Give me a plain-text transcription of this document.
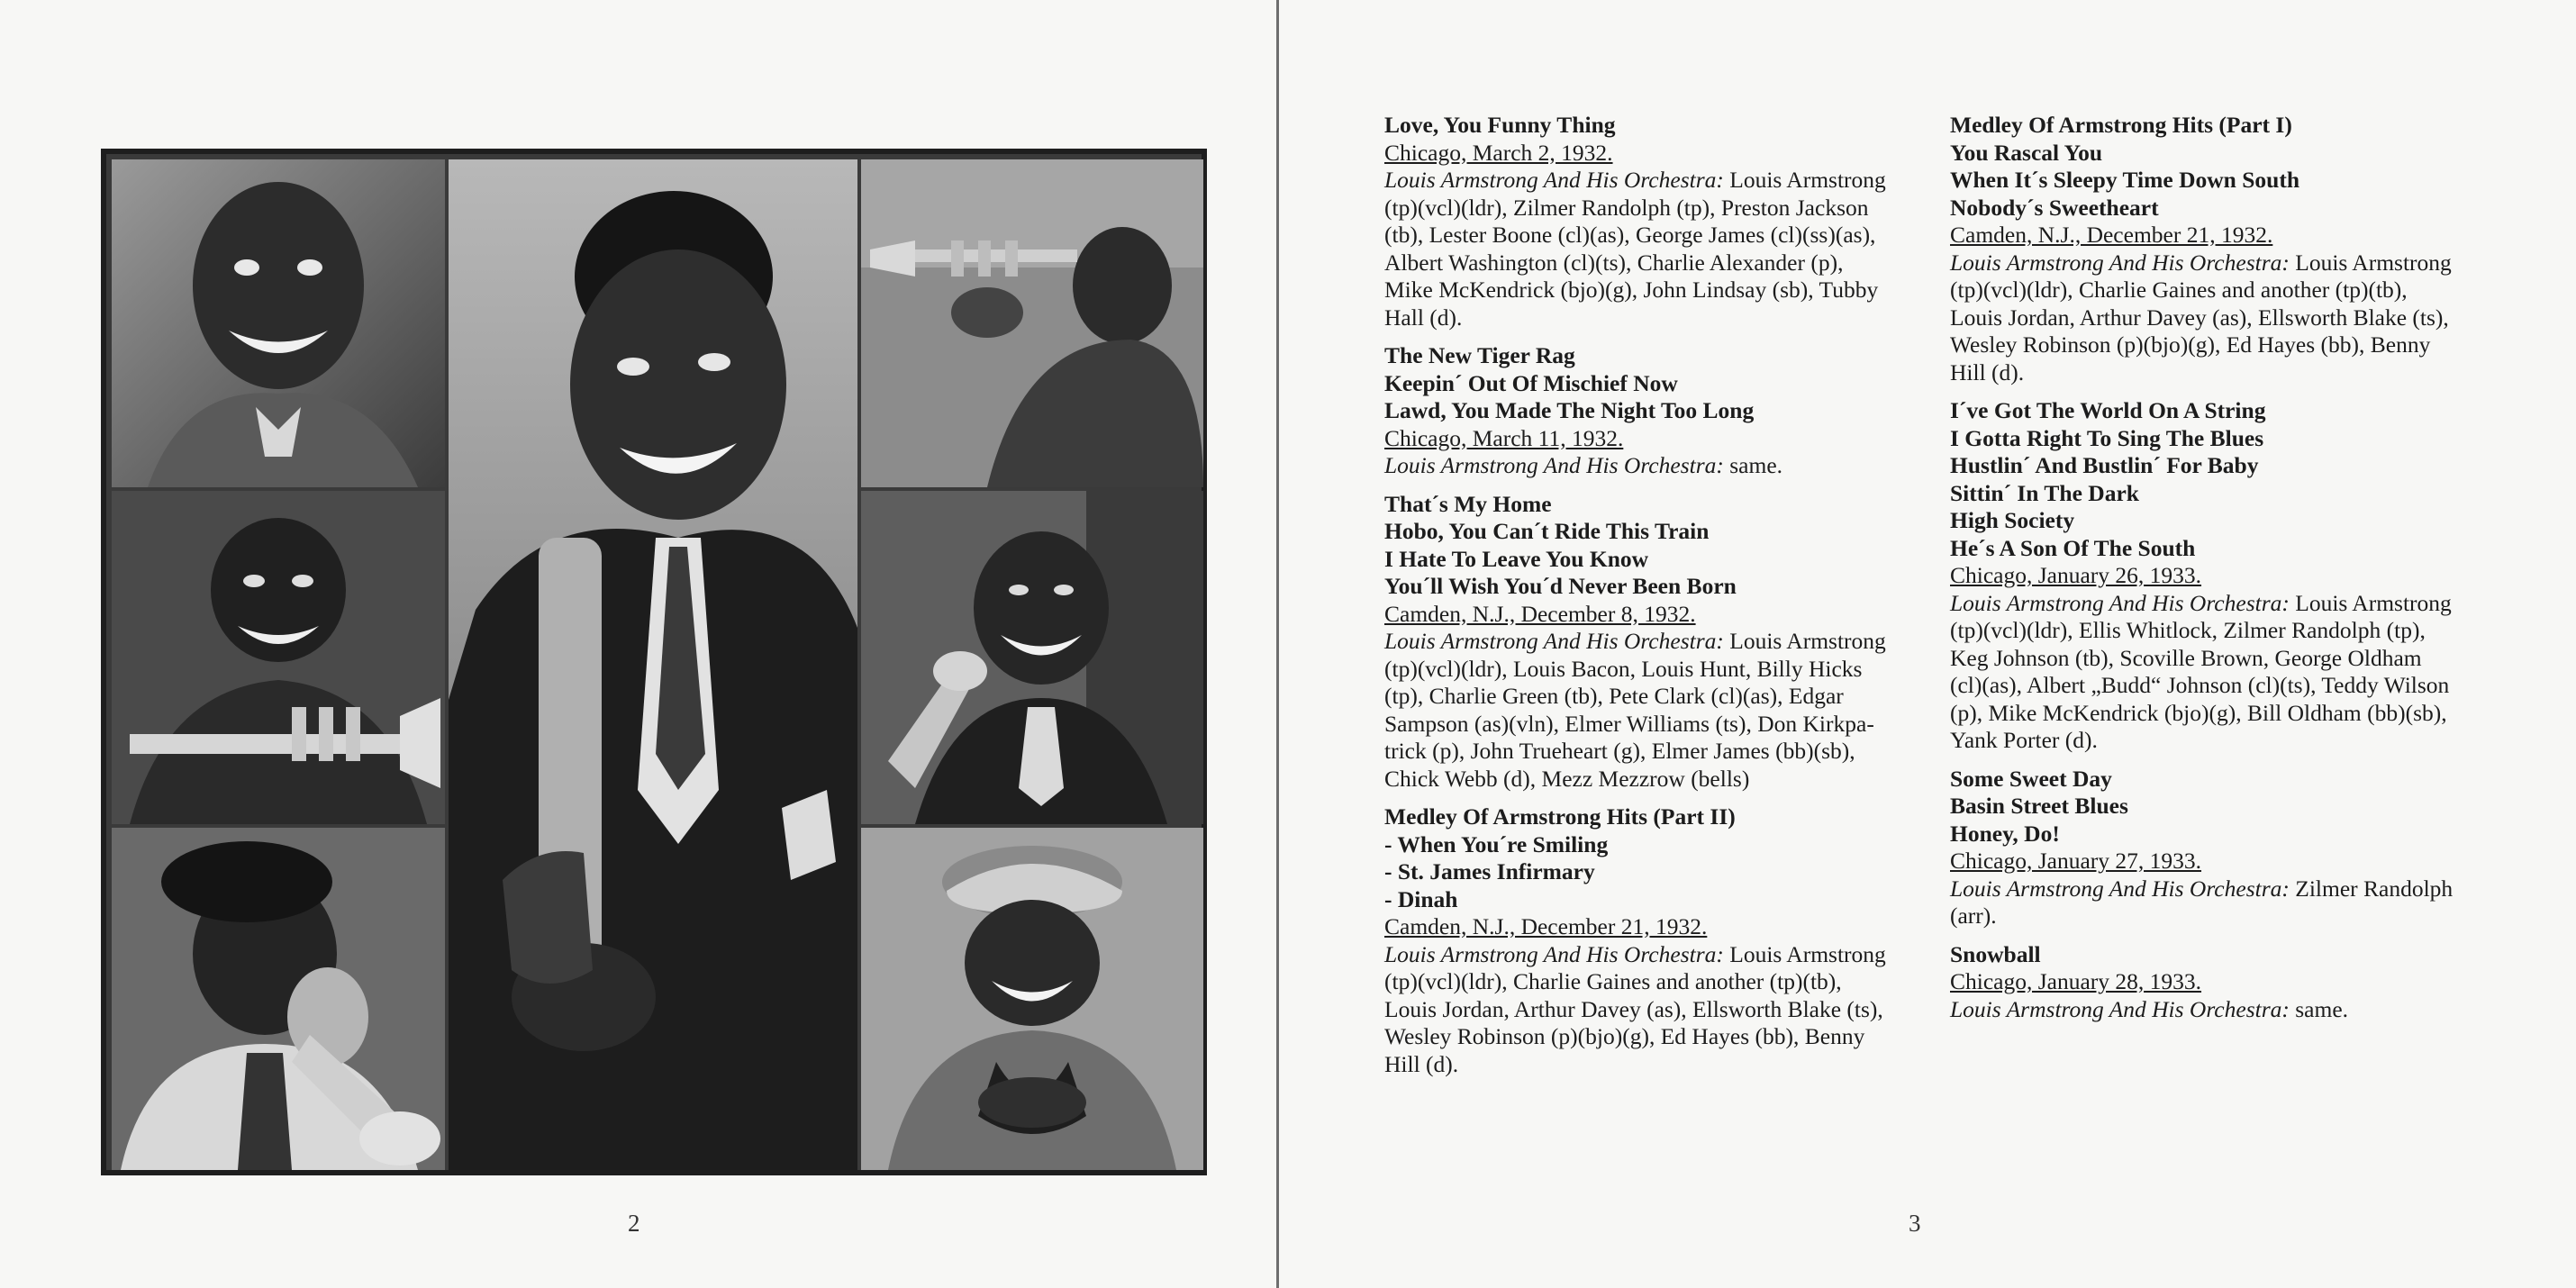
2
Love, You Funny Thing
Chicago, March 2, 1932.
Louis Armstrong And His Orchestra: Louis Armstrong (tp)(vcl)(ldr), Zilmer Randolph (tp), Preston Jackson (tb), Lester Boone (cl)(as), George James (cl)(ss)(as), Albert Washington (cl)(ts), Charlie Alexander (p), Mike McKendrick (bjo)(g), John Lindsay (sb), Tubby Hall (d).
The New Tiger Rag
Keepin´ Out Of Mischief Now
Lawd, You Made The Night Too Long
Chicago, March 11, 1932.
Louis Armstrong And His Orchestra: same.
That´s My Home
Hobo, You Can´t Ride This Train
I Hate To Leave You Know
You´ll Wish You´d Never Been Born
Camden, N.J., December 8, 1932.
Louis Armstrong And His Orchestra: Louis Armstrong (tp)(vcl)(ldr), Louis Bacon, Louis Hunt, Billy Hicks (tp), Charlie Green (tb), Pete Clark (cl)(as), Edgar Sampson (as)(vln), Elmer Williams (ts), Don Kirkpa-trick (p), John Trueheart (g), Elmer James (bb)(sb), Chick Webb (d), Mezz Mezzrow (bells)
Medley Of Armstrong Hits (Part II)
- When You´re Smiling
- St. James Infirmary
- Dinah
Camden, N.J., December 21, 1932.
Louis Armstrong And His Orchestra: Louis Armstrong (tp)(vcl)(ldr), Charlie Gaines and another (tp)(tb), Louis Jordan, Arthur Davey (as), Ellsworth Blake (ts), Wesley Robinson (p)(bjo)(g), Ed Hayes (bb), Benny Hill (d).
Medley Of Armstrong Hits (Part I)
You Rascal You
When It´s Sleepy Time Down South
Nobody´s Sweetheart
Camden, N.J., December 21, 1932.
Louis Armstrong And His Orchestra: Louis Armstrong (tp)(vcl)(ldr), Charlie Gaines and another (tp)(tb), Louis Jordan, Arthur Davey (as), Ellsworth Blake (ts), Wesley Robinson (p)(bjo)(g), Ed Hayes (bb), Benny Hill (d).
I´ve Got The World On A String
I Gotta Right To Sing The Blues
Hustlin´ And Bustlin´ For Baby
Sittin´ In The Dark
High Society
He´s A Son Of The South
Chicago, January 26, 1933.
Louis Armstrong And His Orchestra: Louis Armstrong (tp)(vcl)(ldr), Ellis Whitlock, Zilmer Randolph (tp), Keg Johnson (tb), Scoville Brown, George Oldham (cl)(as), Albert „Budd“ Johnson (cl)(ts), Teddy Wilson (p), Mike McKendrick (bjo)(g), Bill Oldham (bb)(sb), Yank Porter (d).
Some Sweet Day
Basin Street Blues
Honey, Do!
Chicago, January 27, 1933.
Louis Armstrong And His Orchestra: Zilmer Randolph (arr).
Snowball
Chicago, January 28, 1933.
Louis Armstrong And His Orchestra: same.
3
